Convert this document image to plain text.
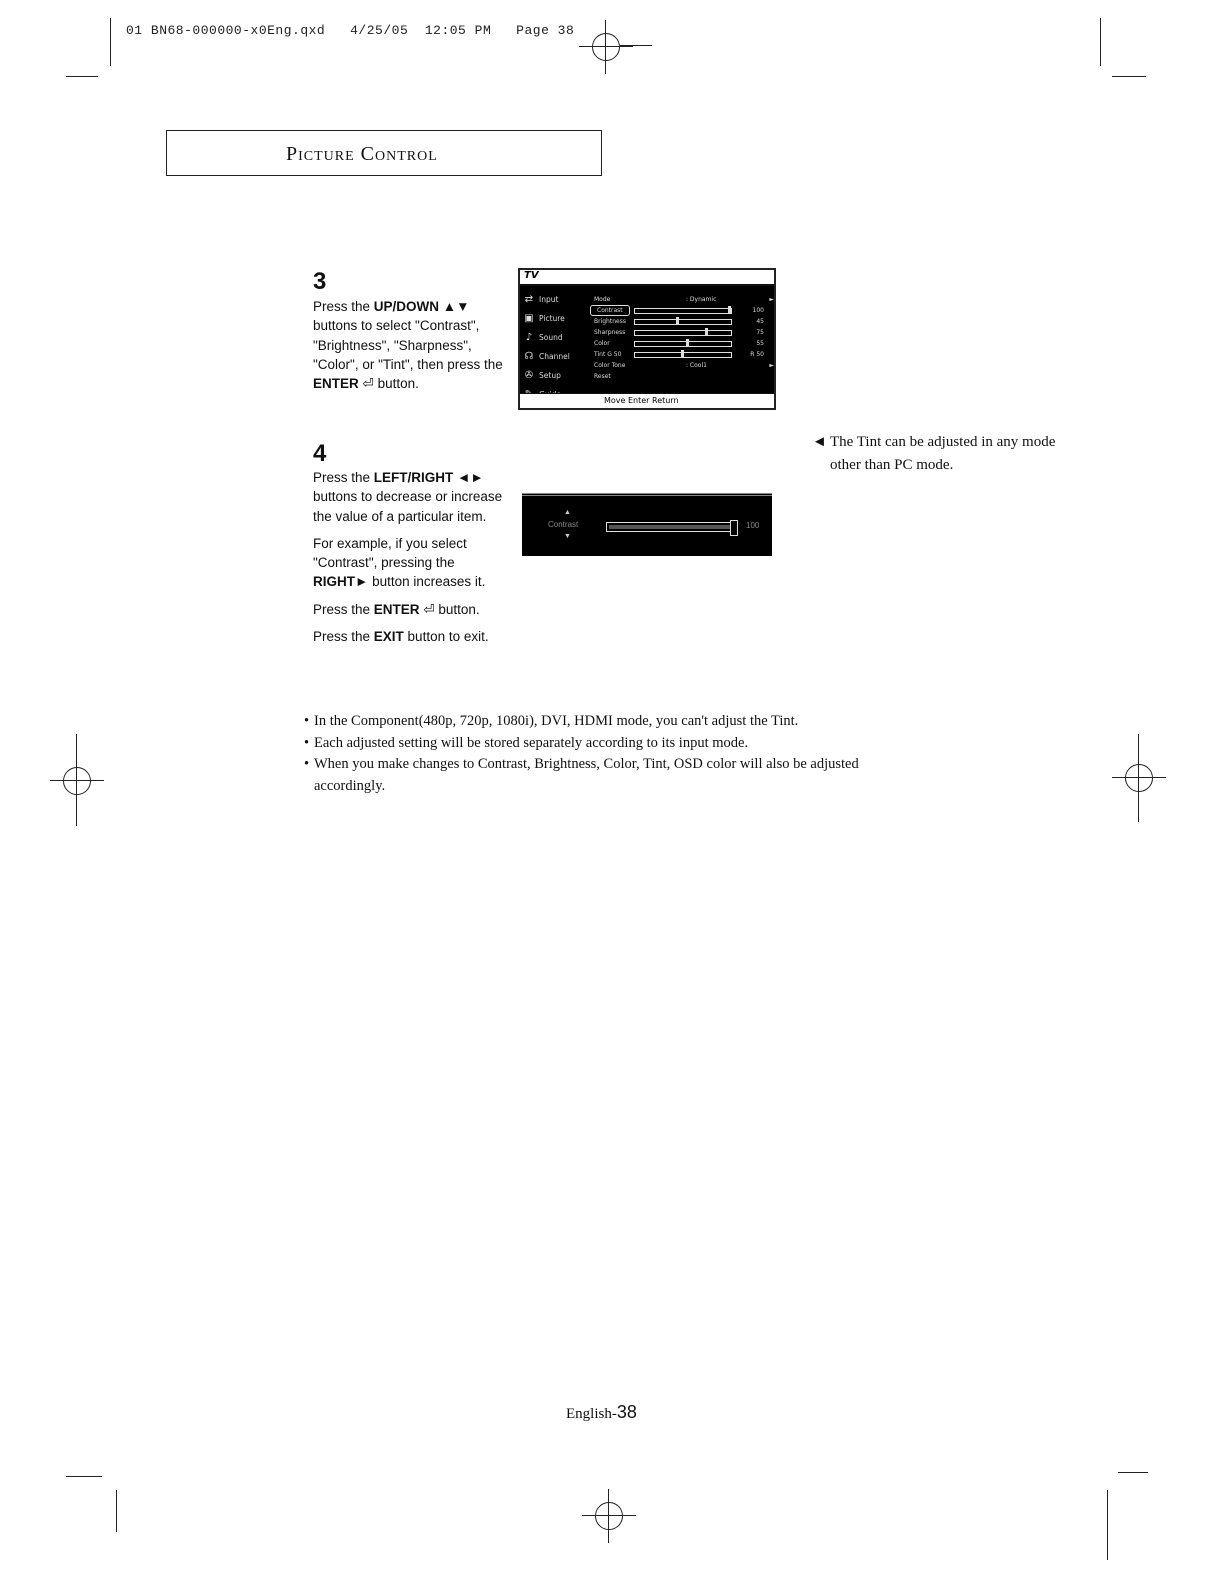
01 BN68-000000-x0Eng.qxd   4/25/05  12:05 PM   Page 38
Picture Control
3
Press the UP/DOWN ▲▼ buttons to select "Contrast", "Brightness", "Sharpness", "Color", or "Tint", then press the ENTER ⏎ button.
TV
⇄ Input
▣ Picture
♪ Sound
☊ Channel
✇ Setup
Mode	: Dynamic	►
Contrast	100
Brightness	45
Sharpness	75
Color	55
Tint G 50	R 50
Color Tone	: Cool1	►
Reset
Move Enter Return
4

Press the LEFT/RIGHT ◄► buttons to decrease or increase the value of a particular item.

For example, if you select "Contrast", pressing the RIGHT► button increases it.

Press the ENTER ⏎ button.

Press the EXIT button to exit.

▲
Contrast
▼
100
◄ The Tint can be adjusted in any mode other than PC mode.
• In the Component(480p, 720p, 1080i), DVI, HDMI mode, you can't adjust the Tint.
• Each adjusted setting will be stored separately according to its input mode.
• When you make changes to Contrast, Brightness, Color, Tint, OSD color will also be adjusted accordingly.
English-38
